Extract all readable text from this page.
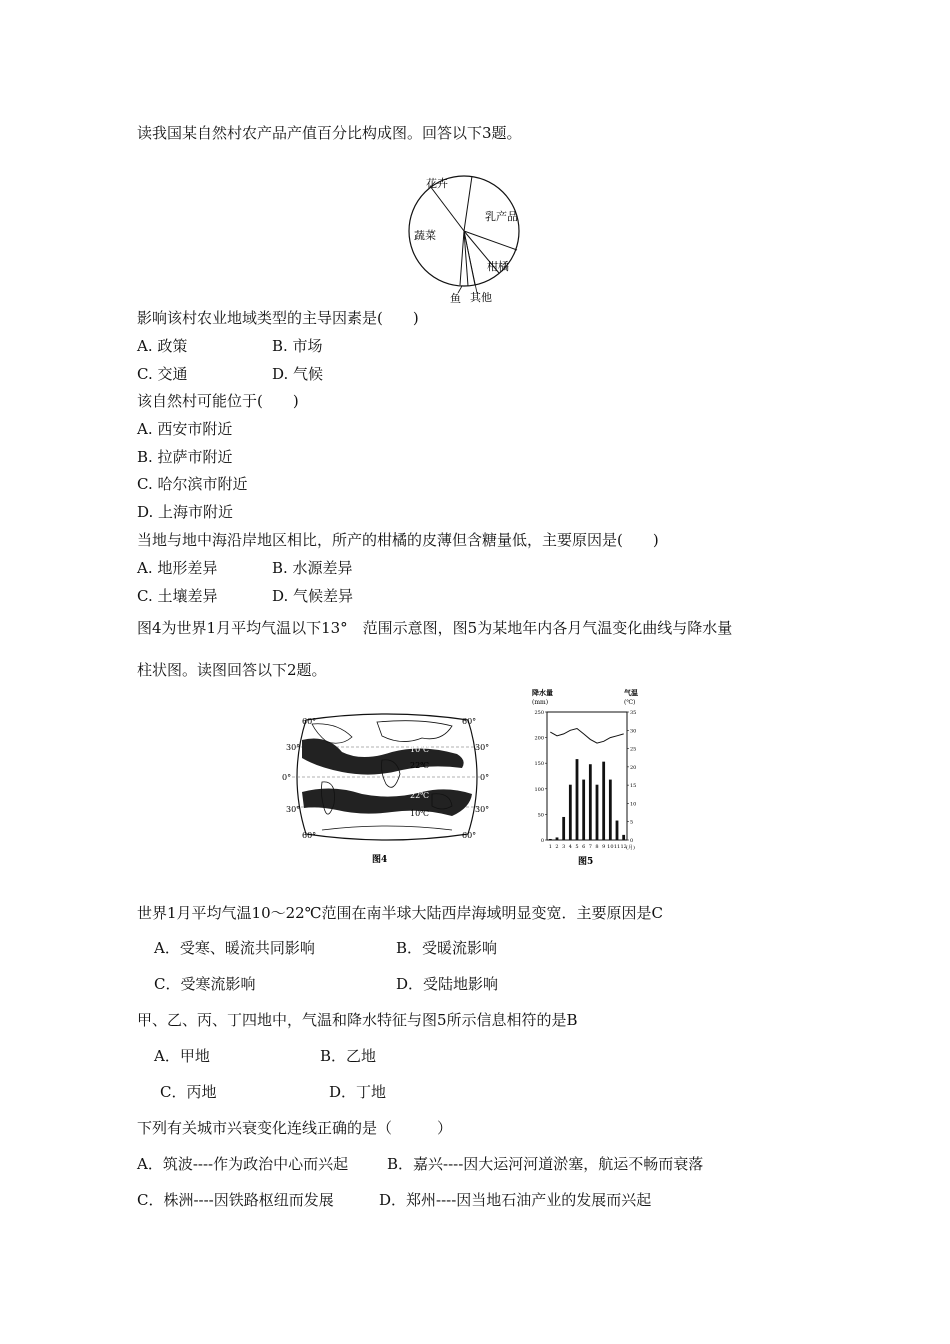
读我国某自然村农产品产值百分比构成图。回答以下3题。
花卉
乳产品
蔬菜
柑橘
鱼 其他
影响该村农业地域类型的主导因素是(　　)
A. 政策	B. 市场
C. 交通	D. 气候
该自然村可能位于(　　)
A. 西安市附近
B. 拉萨市附近
C. 哈尔滨市附近
D. 上海市附近
当地与地中海沿岸地区相比，所产的柑橘的皮薄但含糖量低，主要原因是(　　)
A. 地形差异	B. 水源差异
C. 土壤差异	D. 气候差异
图4为世界1月平均气温以下13°　范围示意图，图5为某地年内各月气温变化曲线与降水量
柱状图。读图回答以下2题。
60°	60°
30°	30°
0°	0°
30°	30°
60°	60°
10℃
22℃
22℃
10℃
图4
降水量
(mm)
气温
(℃)
0
50
100
150
200
250
0
5
10
15
20
25
30
35
1 2 3 4 5 6 7 8 9 10 11 12 (月)
图5
世界1月平均气温10～22℃范围在南半球大陆西岸海域明显变宽．主要原因是C
A．受寒、暖流共同影响	B．受暖流影响
C．受寒流影响	D．受陆地影响
甲、乙、丙、丁四地中，气温和降水特征与图5所示信息相符的是B
A．甲地	B．乙地
C．丙地	D．丁地
下列有关城市兴衰变化连线正确的是（　　　）
A．筑波----作为政治中心而兴起	B．嘉兴----因大运河河道淤塞，航运不畅而衰落
C．株洲----因铁路枢纽而发展	D．郑州----因当地石油产业的发展而兴起
